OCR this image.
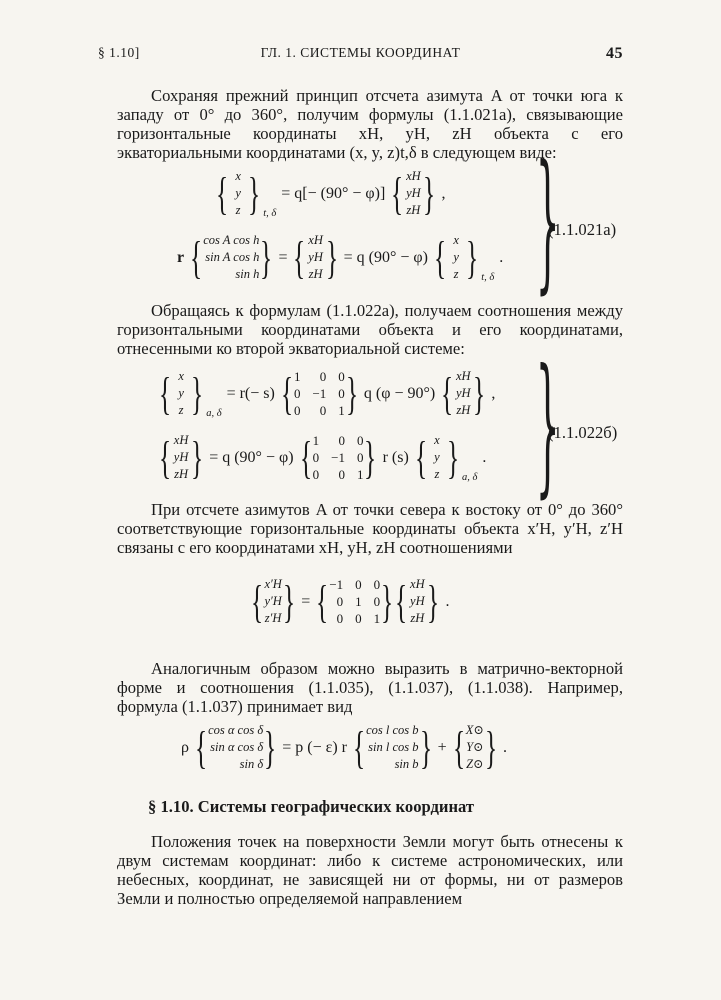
§ 1.10]	ГЛ. 1. СИСТЕМЫ КООРДИНАТ	45
Сохраняя прежний принцип отсчета азимута A от точки юга к западу от 0° до 360°, получим формулы (1.1.021a), связывающие горизонтальные координаты xH, yH, zH объекта с его экваториальными координатами (x, y, z)t,δ в следующем виде:
{ x
y
z } t, δ
= q[− (90° − φ)] { xH
yH
zH } ,
r { cos A cos h
sin A cos h
sin h } = { xH
yH
zH } = q (90° − φ) { x
y
z } t, δ
. }
(1.1.021a)
Обращаясь к формулам (1.1.022а), получаем соотношения между горизонтальными координатами объекта и его координатами, отнесенными ко второй экваториальной системе:
{ x
y
z } a, δ
= r(− s) { 1	0 0
0 −1 0
0	0 1 } q (φ − 90°) { xH
yH
zH } ,
{ xH
yH
zH } = q (90° − φ) { 1	0 0
0 −1 0
0	0 1 } r (s) { x
y
z } a, δ
. }
(1.1.022б)
При отсчете азимутов A от точки севера к востоку от 0° до 360° соответствующие горизонтальные координаты объекта x′H, y′H, z′H связаны с его координатами xH, yH, zH соотношениями
{ x′H
y′H
z′H } = { −1 0 0
0 1 0
0 0 1 } { xH
yH
zH } .
Аналогичным образом можно выразить в матрично-векторной форме и соотношения (1.1.035), (1.1.037), (1.1.038). Например, формула (1.1.037) принимает вид
ρ { cos α cos δ
sin α cos δ
sin δ } = p (− ε) r { cos l cos b
sin l cos b
sin b } + { X⊙
Y⊙
Z⊙ } .
§ 1.10. Системы географических координат
Положения точек на поверхности Земли могут быть отнесены к двум системам координат: либо к системе астрономических, или небесных, координат, не зависящей ни от формы, ни от размеров Земли и полностью определяемой направлением
